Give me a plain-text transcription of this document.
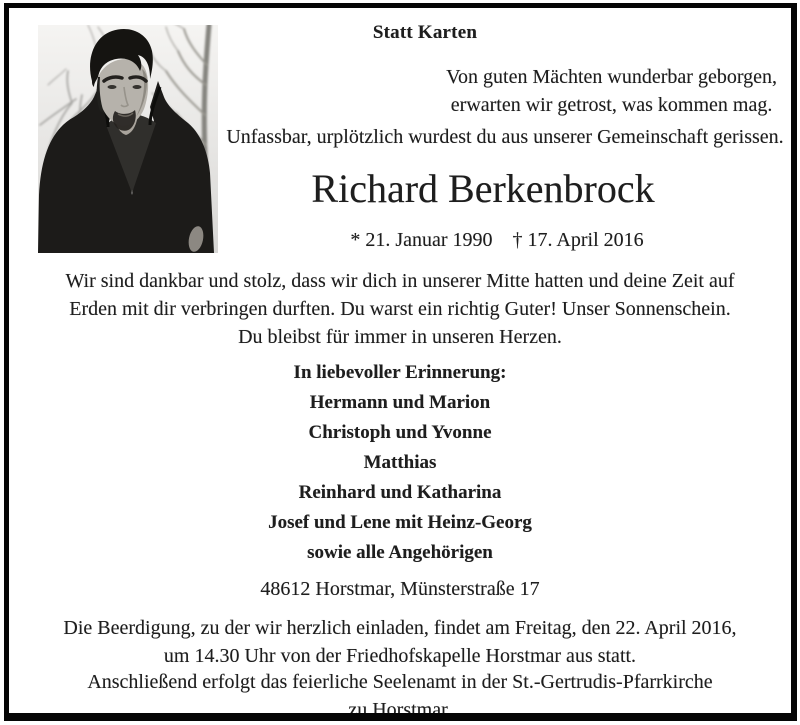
Statt Karten
Von guten Mächten wunderbar geborgen,
erwarten wir getrost, was kommen mag.
Unfassbar, urplötzlich wurdest du aus unserer Gemeinschaft gerissen.
Richard Berkenbrock
* 21. Januar 1990 † 17. April 2016
Wir sind dankbar und stolz, dass wir dich in unserer Mitte hatten und deine Zeit auf
Erden mit dir verbringen durften. Du warst ein richtig Guter! Unser Sonnenschein.
Du bleibst für immer in unseren Herzen.
In liebevoller Erinnerung:
Hermann und Marion
Christoph und Yvonne
Matthias
Reinhard und Katharina
Josef und Lene mit Heinz-Georg
sowie alle Angehörigen
48612 Horstmar, Münsterstraße 17
Die Beerdigung, zu der wir herzlich einladen, findet am Freitag, den 22. April 2016,
um 14.30 Uhr von der Friedhofskapelle Horstmar aus statt.
Anschließend erfolgt das feierliche Seelenamt in der St.-Gertrudis-Pfarrkirche
zu Horstmar.
